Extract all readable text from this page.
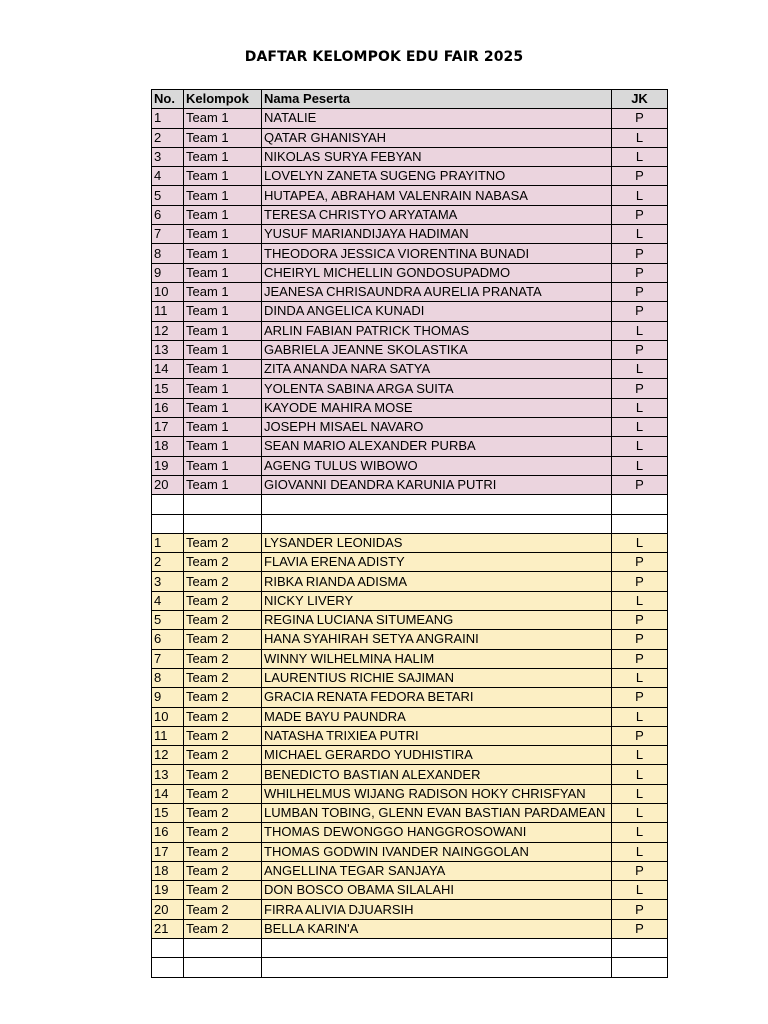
DAFTAR KELOMPOK EDU FAIR 2025
No.	Kelompok	Nama Peserta	JK
1	Team 1	NATALIE	P
2	Team 1	QATAR GHANISYAH	L
3	Team 1	NIKOLAS SURYA FEBYAN	L
4	Team 1	LOVELYN ZANETA SUGENG PRAYITNO	P
5	Team 1	HUTAPEA, ABRAHAM VALENRAIN NABASA	L
6	Team 1	TERESA CHRISTYO ARYATAMA	P
7	Team 1	YUSUF MARIANDIJAYA HADIMAN	L
8	Team 1	THEODORA JESSICA VIORENTINA BUNADI	P
9	Team 1	CHEIRYL MICHELLIN GONDOSUPADMO	P
10	Team 1	JEANESA CHRISAUNDRA AURELIA PRANATA	P
11	Team 1	DINDA ANGELICA KUNADI	P
12	Team 1	ARLIN FABIAN PATRICK THOMAS	L
13	Team 1	GABRIELA JEANNE SKOLASTIKA	P
14	Team 1	ZITA ANANDA NARA SATYA	L
15	Team 1	YOLENTA SABINA ARGA SUITA	P
16	Team 1	KAYODE MAHIRA MOSE	L
17	Team 1	JOSEPH MISAEL NAVARO	L
18	Team 1	SEAN MARIO ALEXANDER PURBA	L
19	Team 1	AGENG TULUS WIBOWO	L
20	Team 1	GIOVANNI DEANDRA KARUNIA PUTRI	P

1	Team 2	LYSANDER LEONIDAS	L
2	Team 2	FLAVIA ERENA ADISTY	P
3	Team 2	RIBKA RIANDA ADISMA	P
4	Team 2	NICKY LIVERY	L
5	Team 2	REGINA LUCIANA SITUMEANG	P
6	Team 2	HANA SYAHIRAH SETYA ANGRAINI	P
7	Team 2	WINNY WILHELMINA HALIM	P
8	Team 2	LAURENTIUS RICHIE SAJIMAN	L
9	Team 2	GRACIA RENATA FEDORA BETARI	P
10	Team 2	MADE BAYU PAUNDRA	L
11	Team 2	NATASHA TRIXIEA PUTRI	P
12	Team 2	MICHAEL GERARDO YUDHISTIRA	L
13	Team 2	BENEDICTO BASTIAN ALEXANDER	L
14	Team 2	WHILHELMUS WIJANG RADISON HOKY CHRISFYAN	L
15	Team 2	LUMBAN TOBING, GLENN EVAN BASTIAN PARDAMEAN	L
16	Team 2	THOMAS DEWONGGO HANGGROSOWANI	L
17	Team 2	THOMAS GODWIN IVANDER NAINGGOLAN	L
18	Team 2	ANGELLINA TEGAR SANJAYA	P
19	Team 2	DON BOSCO OBAMA SILALAHI	L
20	Team 2	FIRRA ALIVIA DJUARSIH	P
21	Team 2	BELLA KARIN'A	P
